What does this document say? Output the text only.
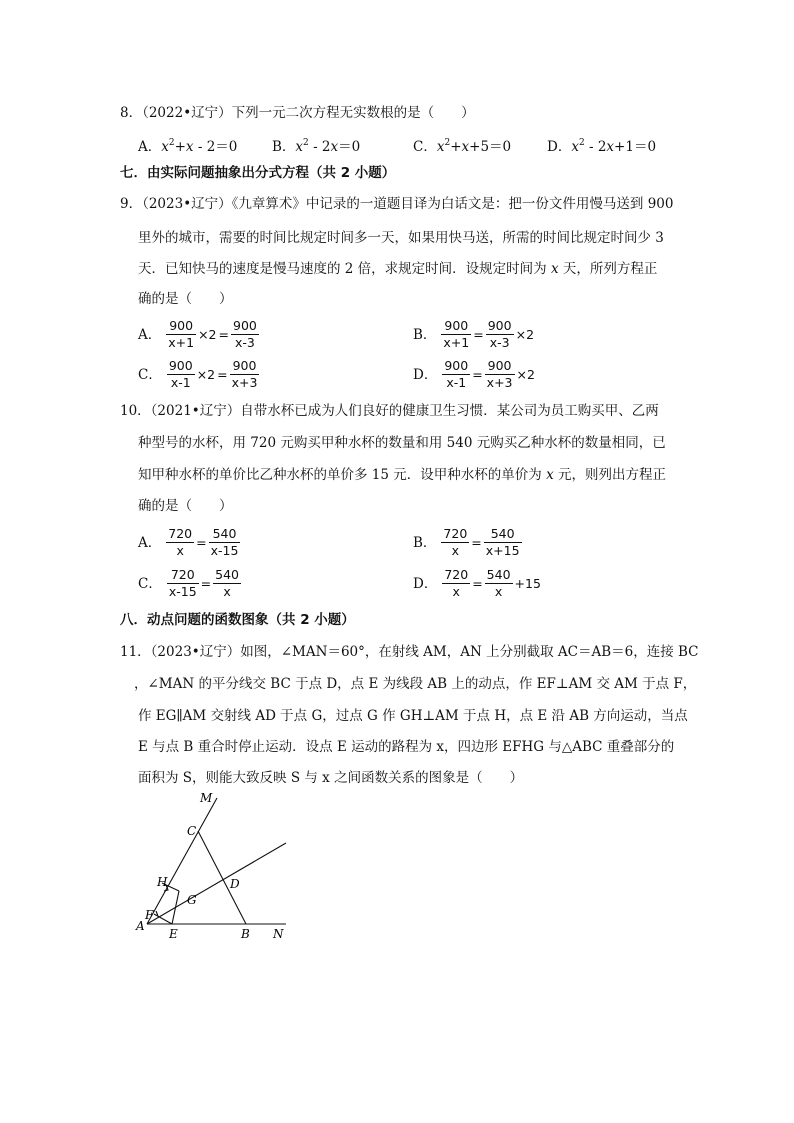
8．（2022•辽宁）下列一元二次方程无实数根的是（　　）
A．$x^2+x - 2=0$	B．$x^2 - 2x=0$	C．$x^2+x+5=0$	D．$x^2 - 2x+1=0$
七．由实际问题抽象出分式方程（共 2 小题）
9．（2023•辽宁）《九章算术》中记录的一道题目译为白话文是：把一份文件用慢马送到 900
里外的城市，需要的时间比规定时间多一天，如果用快马送，所需的时间比规定时间少 3
天．已知快马的速度是慢马速度的 2 倍，求规定时间．设规定时间为 x 天，所列方程正
确的是（　　）
A． $\frac{900}{x+1} \times 2 = \frac{900}{x-3}$	B． $\frac{900}{x+1} = \frac{900}{x-3} \times 2$
C． $\frac{900}{x-1} \times 2 = \frac{900}{x+3}$	D． $\frac{900}{x-1} = \frac{900}{x+3} \times 2$
10．（2021•辽宁）自带水杯已成为人们良好的健康卫生习惯．某公司为员工购买甲、乙两
种型号的水杯，用 720 元购买甲种水杯的数量和用 540 元购买乙种水杯的数量相同，已
知甲种水杯的单价比乙种水杯的单价多 15 元．设甲种水杯的单价为 x 元，则列出方程正
确的是（　　）
A． $\frac{720}{x} = \frac{540}{x-15}$	B． $\frac{720}{x} = \frac{540}{x+15}$
C． $\frac{720}{x-15} = \frac{540}{x}$	D． $\frac{720}{x} = \frac{540}{x} +15$
八．动点问题的函数图象（共 2 小题）
11．（2023•辽宁）如图，∠MAN＝60°，在射线 AM，AN 上分别截取 AC＝AB＝6，连接 BC
，∠MAN 的平分线交 BC 于点 D，点 E 为线段 AB 上的动点，作 EF⊥AM 交 AM 于点 F，
作 EG∥AM 交射线 AD 于点 G，过点 G 作 GH⊥AM 于点 H，点 E 沿 AB 方向运动，当点
E 与点 B 重合时停止运动．设点 E 运动的路程为 x，四边形 EFHG 与△ABC 重叠部分的
面积为 S，则能大致反映 S 与 x 之间函数关系的图象是（　　）
M
C
H	D
F
G
A
E	B N
